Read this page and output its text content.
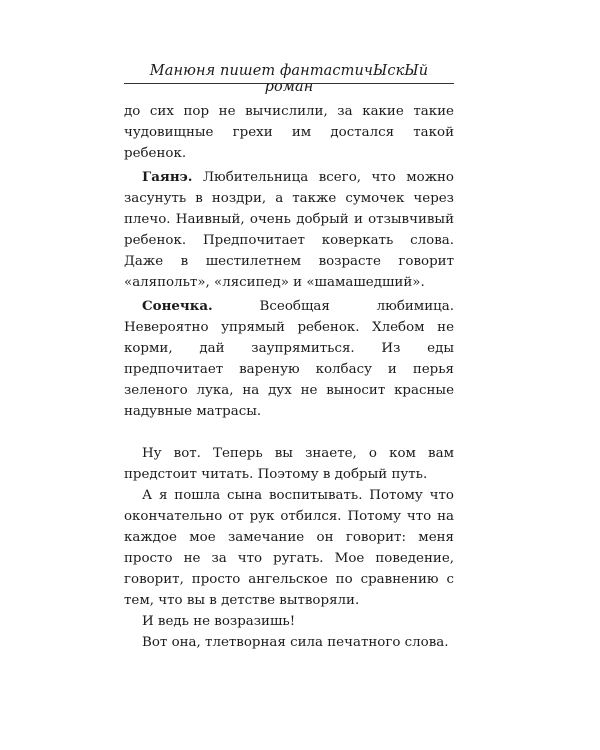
Манюня пишет фантастичЫскЫй роман

до сих пор не вычислили, за какие такие чудовищные грехи им достался такой ребенок.

Гаянэ. Любительница всего, что можно засунуть в ноздри, а также сумочек через плечо. Наивный, очень добрый и отзывчивый ребенок. Предпочитает коверкать слова. Даже в шестилетнем возрасте говорит «аляпольт», «лясипед» и «шамашедший».

Сонечка. Всеобщая любимица. Невероятно упрямый ребенок. Хлебом не корми, дай заупрямиться. Из еды предпочитает вареную колбасу и перья зеленого лука, на дух не выносит красные надувные матрасы.

Ну вот. Теперь вы знаете, о ком вам предстоит читать. Поэтому в добрый путь.

А я пошла сына воспитывать. Потому что окончательно от рук отбился. Потому что на каждое мое замечание он говорит: меня просто не за что ругать. Мое поведение, говорит, просто ангельское по сравнению с тем, что вы в детстве вытворяли.

И ведь не возразишь!

Вот она, тлетворная сила печатного слова.
